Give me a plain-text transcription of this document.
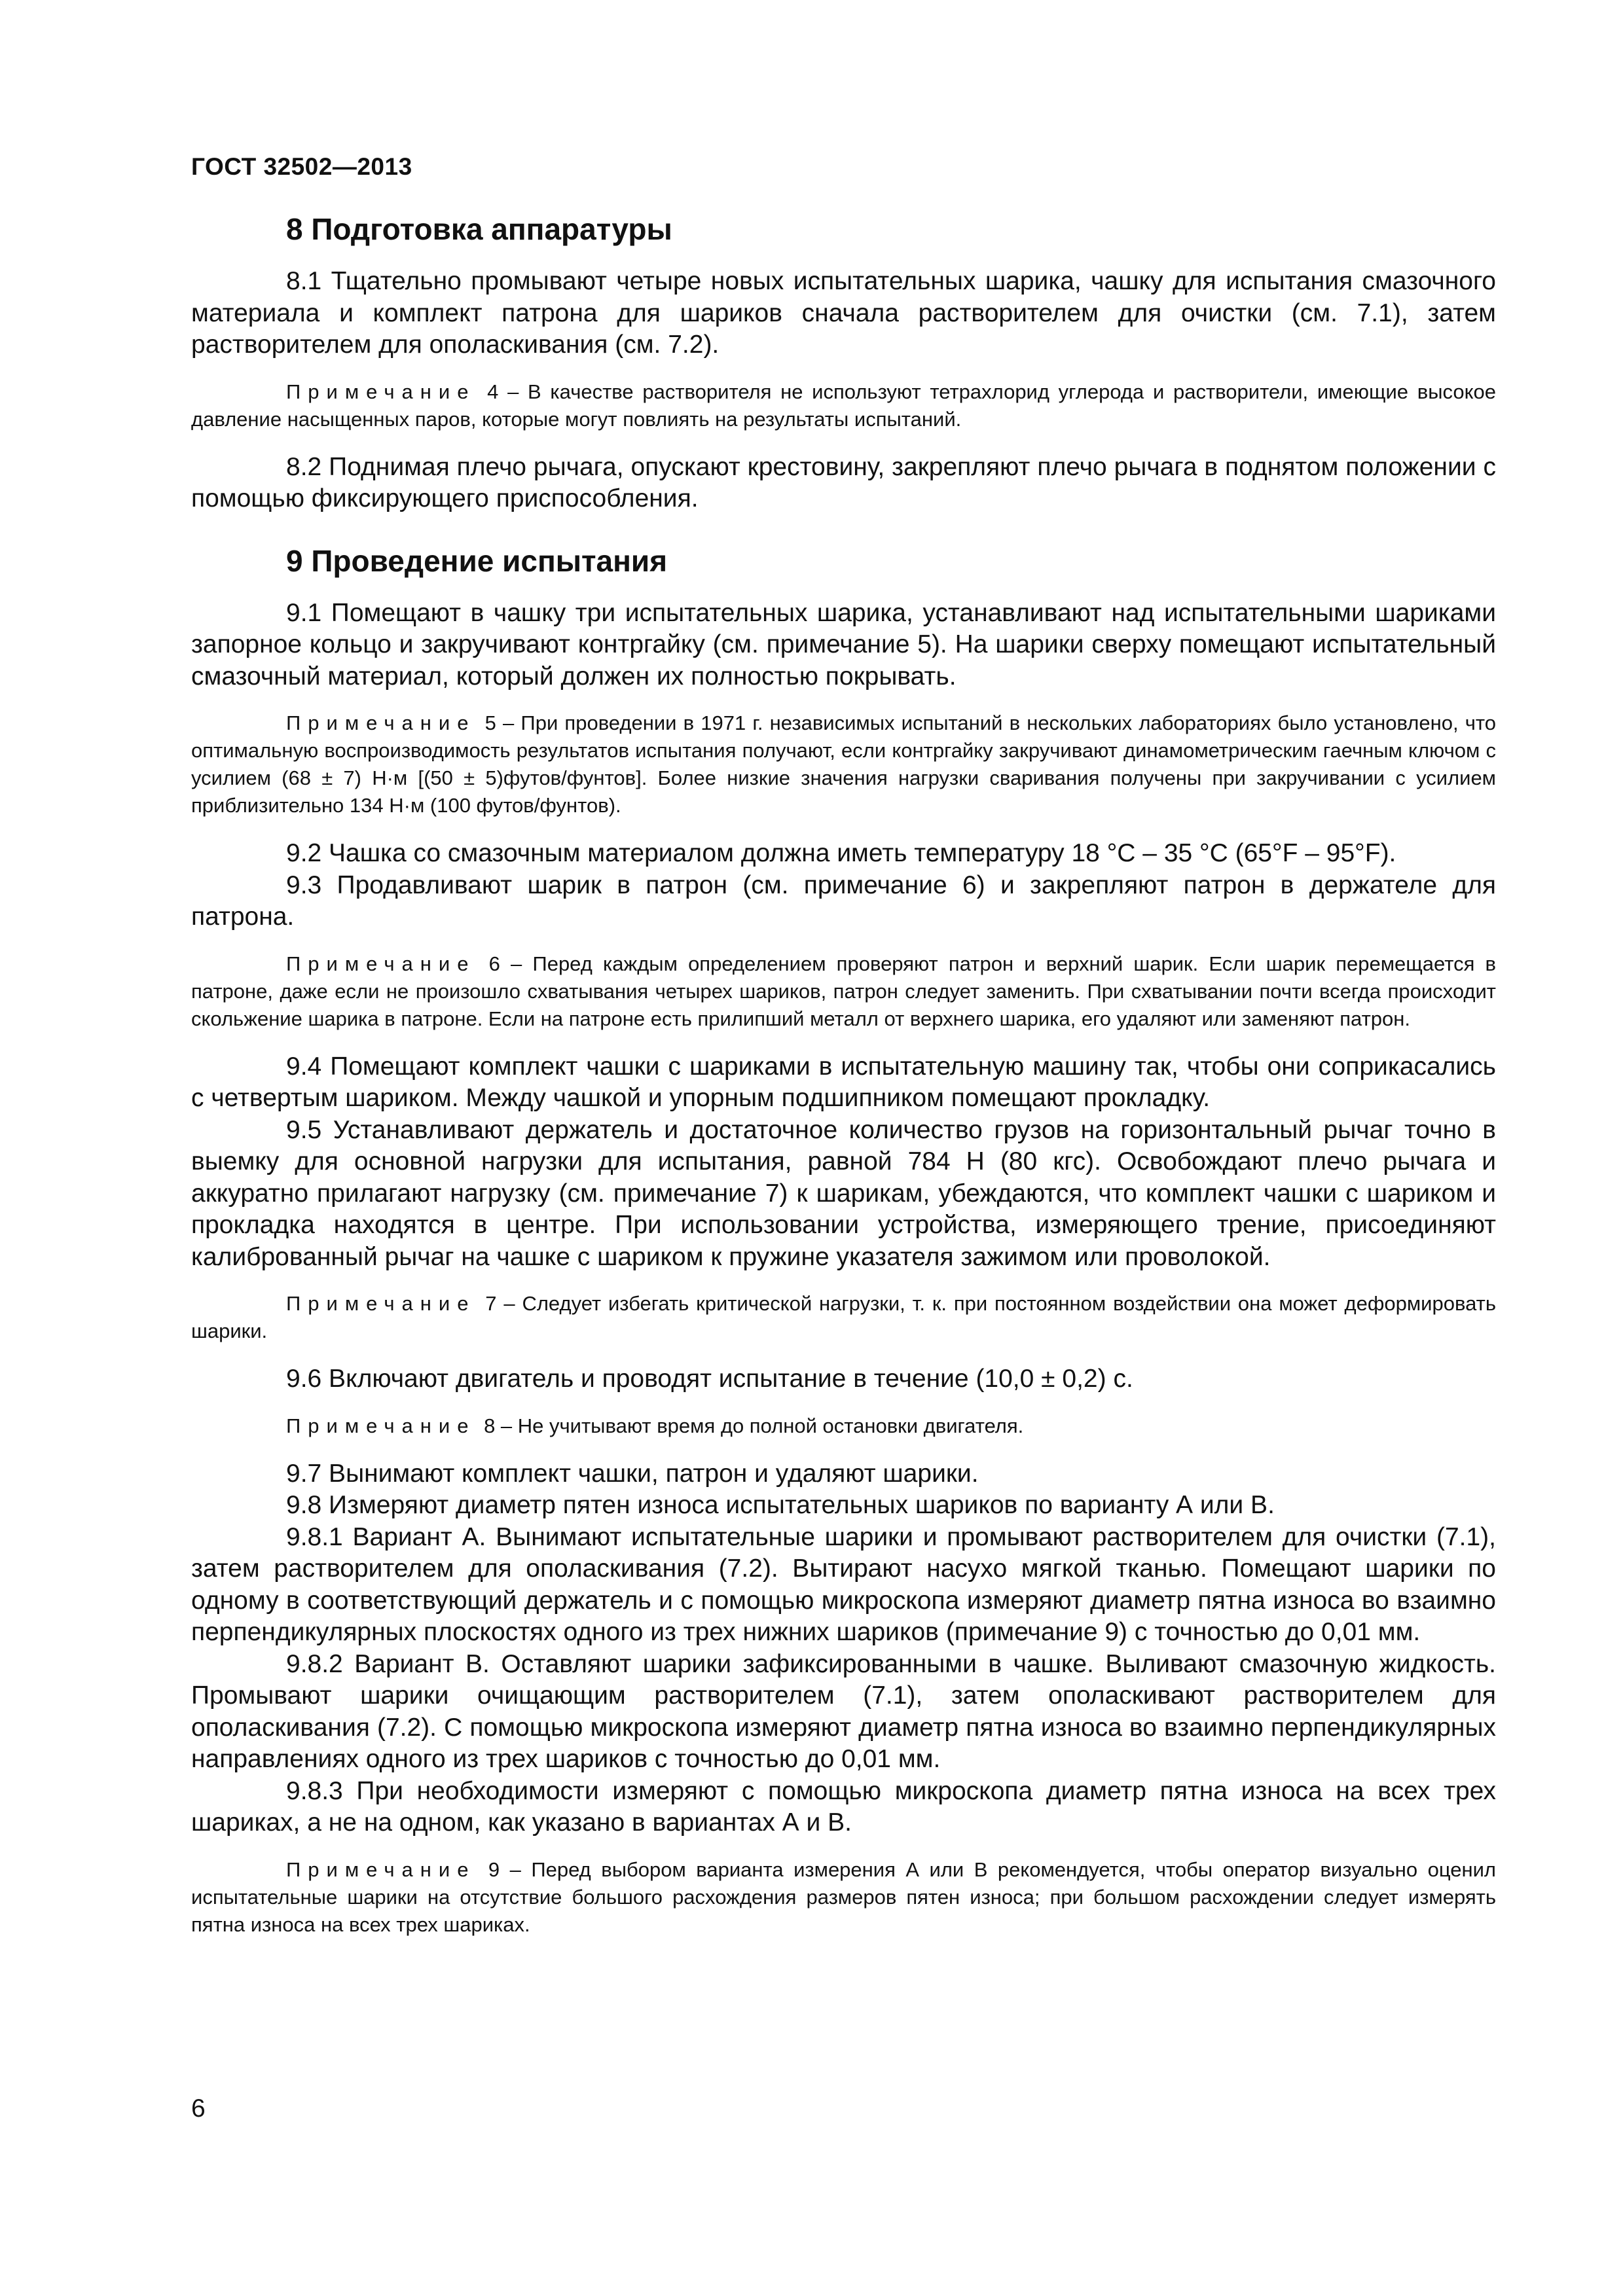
ГОСТ 32502—2013

8 Подготовка аппаратуры

8.1 Тщательно промывают четыре новых испытательных шарика, чашку для испытания смазочного материала и комплект патрона для шариков сначала растворителем для очистки (см. 7.1), затем растворителем для ополаскивания (см. 7.2).

Примечание 4 – В качестве растворителя не используют тетрахлорид углерода и растворители, имеющие высокое давление насыщенных паров, которые могут повлиять на результаты испытаний.

8.2 Поднимая плечо рычага, опускают крестовину, закрепляют плечо рычага в поднятом положении с помощью фиксирующего приспособления.

9 Проведение испытания

9.1 Помещают в чашку три испытательных шарика, устанавливают над испытательными шариками запорное кольцо и закручивают контргайку (см. примечание 5). На шарики сверху помещают испытательный смазочный материал, который должен их полностью покрывать.

Примечание 5 – При проведении в 1971 г. независимых испытаний в нескольких лабораториях было установлено, что оптимальную воспроизводимость результатов испытания получают, если контргайку закручивают динамометрическим гаечным ключом с усилием (68 ± 7) Н·м [(50 ± 5)футов/фунтов]. Более низкие значения нагрузки сваривания получены при закручивании с усилием приблизительно 134 Н·м (100 футов/фунтов).

9.2 Чашка со смазочным материалом должна иметь температуру 18 °С – 35 °С (65°F – 95°F).

9.3 Продавливают шарик в патрон (см. примечание 6) и закрепляют патрон в держателе для патрона.

Примечание 6 – Перед каждым определением проверяют патрон и верхний шарик. Если шарик перемещается в патроне, даже если не произошло схватывания четырех шариков, патрон следует заменить. При схватывании почти всегда происходит скольжение шарика в патроне. Если на патроне есть прилипший металл от верхнего шарика, его удаляют или заменяют патрон.

9.4 Помещают комплект чашки с шариками в испытательную машину так, чтобы они соприкасались с четвертым шариком. Между чашкой и упорным подшипником помещают прокладку.

9.5 Устанавливают держатель и достаточное количество грузов на горизонтальный рычаг точно в выемку для основной нагрузки для испытания, равной 784 Н (80 кгс). Освобождают плечо рычага и аккуратно прилагают нагрузку (см. примечание 7) к шарикам, убеждаются, что комплект чашки с шариком и прокладка находятся в центре. При использовании устройства, измеряющего трение, присоединяют калиброванный рычаг на чашке с шариком к пружине указателя зажимом или проволокой.

Примечание 7 – Следует избегать критической нагрузки, т. к. при постоянном воздействии она может деформировать шарики.

9.6 Включают двигатель и проводят испытание в течение (10,0 ± 0,2) с.

Примечание 8 – Не учитывают время до полной остановки двигателя.

9.7 Вынимают комплект чашки, патрон и удаляют шарики.

9.8 Измеряют диаметр пятен износа испытательных шариков по варианту А или В.

9.8.1 Вариант А. Вынимают испытательные шарики и промывают растворителем для очистки (7.1), затем растворителем для ополаскивания (7.2). Вытирают насухо мягкой тканью. Помещают шарики по одному в соответствующий держатель и с помощью микроскопа измеряют диаметр пятна износа во взаимно перпендикулярных плоскостях одного из трех нижних шариков (примечание 9) с точностью до 0,01 мм.

9.8.2 Вариант В. Оставляют шарики зафиксированными в чашке. Выливают смазочную жидкость. Промывают шарики очищающим растворителем (7.1), затем ополаскивают растворителем для ополаскивания (7.2). С помощью микроскопа измеряют диаметр пятна износа во взаимно перпендикулярных направлениях одного из трех шариков с точностью до 0,01 мм.

9.8.3 При необходимости измеряют с помощью микроскопа диаметр пятна износа на всех трех шариках, а не на одном, как указано в вариантах А и В.

Примечание 9 – Перед выбором варианта измерения А или В рекомендуется, чтобы оператор визуально оценил испытательные шарики на отсутствие большого расхождения размеров пятен износа; при большом расхождении следует измерять пятна износа на всех трех шариках.

6
